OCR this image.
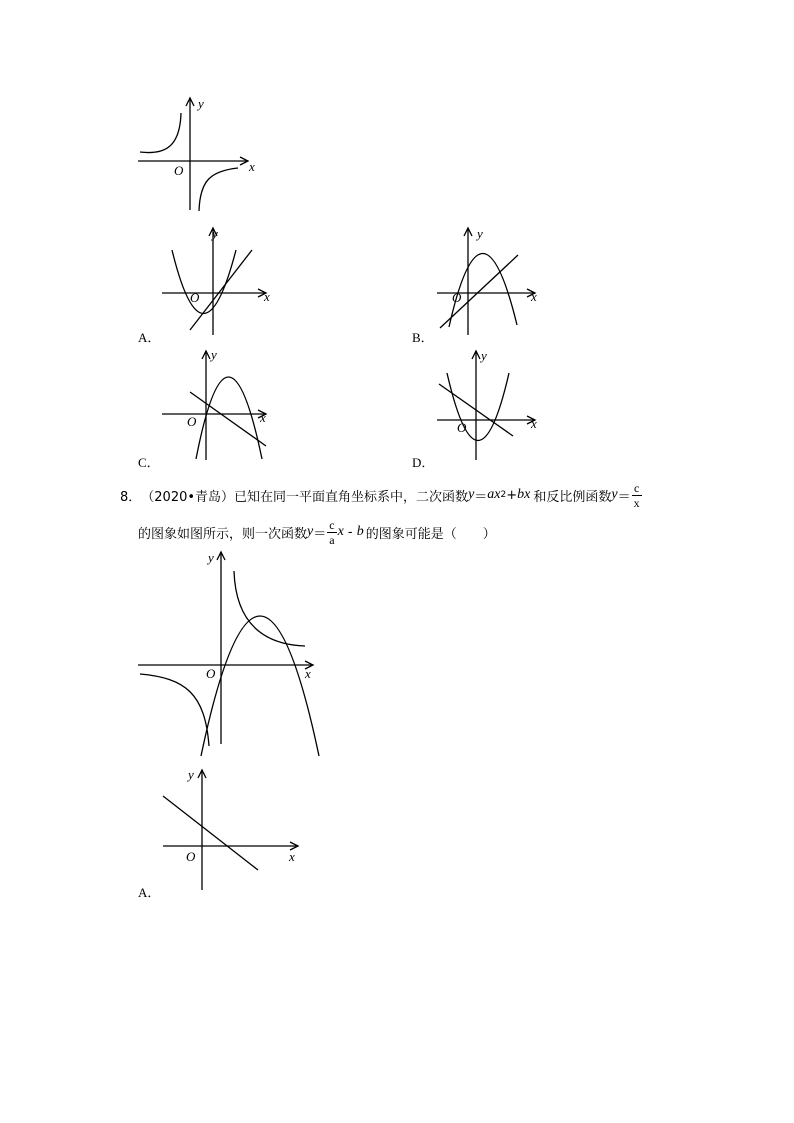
x
y
O
x
y
O
A．
x
y
O
B．
x
y
O
C．
x
y
O
D．
8． （2020•青岛） 已知在同一平面直角坐标系中，二次函数 y ＝ ax 2 + bx 和反比例函数 $y = \frac{c}{x}$
的图象如图所示，则一次函数 $y = \frac{c}{a}$ x - b 的图象可能是（　　）
x
y
O
x
y
O
A．
